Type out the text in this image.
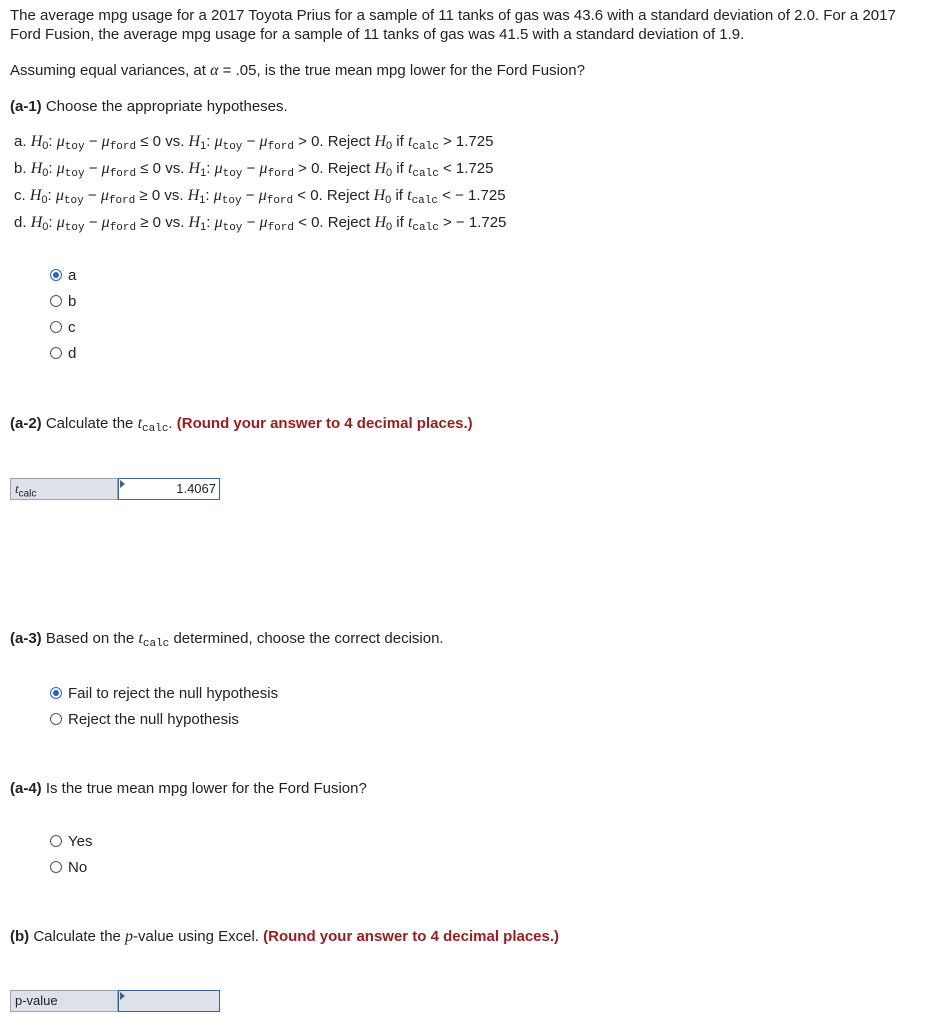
The average mpg usage for a 2017 Toyota Prius for a sample of 11 tanks of gas was 43.6 with a standard deviation of 2.0. For a 2017
Ford Fusion, the average mpg usage for a sample of 11 tanks of gas was 41.5 with a standard deviation of 1.9.
Assuming equal variances, at α = .05, is the true mean mpg lower for the Ford Fusion?
(a-1) Choose the appropriate hypotheses.
a. $H_0$: $\mu_{toy} - \mu_{ford} \le 0$ vs. $H_1$: $\mu_{toy} - \mu_{ford} > 0$. Reject $H_0$ if $t_{calc} > 1.725$
b. $H_0$: $\mu_{toy} - \mu_{ford} \le 0$ vs. $H_1$: $\mu_{toy} - \mu_{ford} > 0$. Reject $H_0$ if $t_{calc} < 1.725$
c. $H_0$: $\mu_{toy} - \mu_{ford} \ge 0$ vs. $H_1$: $\mu_{toy} - \mu_{ford} < 0$. Reject $H_0$ if $t_{calc}$ < − 1.725
d. $H_0$: $\mu_{toy} - \mu_{ford} \ge 0$ vs. $H_1$: $\mu_{toy} - \mu_{ford} < 0$. Reject $H_0$ if $t_{calc}$ > − 1.725
a
b
c
d
(a-2) Calculate the $t_{calc}$. (Round your answer to 4 decimal places.)
$t_{calc}$	1.4067
(a-3) Based on the $t_{calc}$ determined, choose the correct decision.
Fail to reject the null hypothesis
Reject the null hypothesis
(a-4) Is the true mean mpg lower for the Ford Fusion?
Yes
No
(b) Calculate the p-value using Excel. (Round your answer to 4 decimal places.)
p-value
